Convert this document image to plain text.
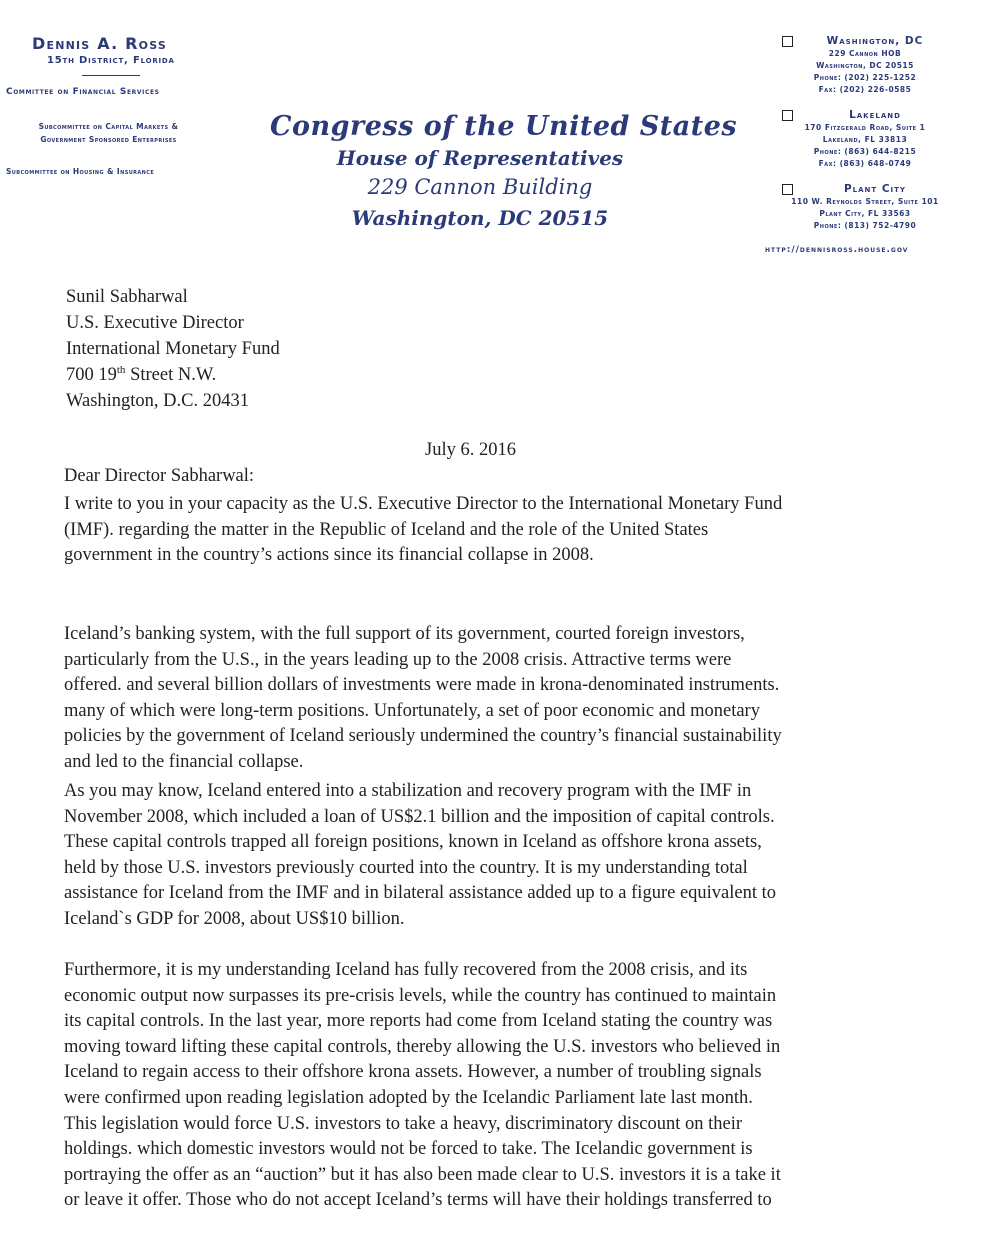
Dennis A. Ross
15th District, Florida
Committee on Financial Services
Subcommittee on Capital Markets &
Government Sponsored Enterprises
Subcommittee on Housing & Insurance
Congress of the United States
House of Representatives
229 Cannon Building
Washington, DC 20515
Washington, DC
229 Cannon HOB
Washington, DC 20515
Phone: (202) 225-1252
Fax: (202) 226-0585
Lakeland
170 Fitzgerald Road, Suite 1
Lakeland, FL 33813
Phone: (863) 644-8215
Fax: (863) 648-0749
Plant City
110 W. Reynolds Street, Suite 101
Plant City, FL 33563
Phone: (813) 752-4790
http://dennisross.house.gov
Sunil Sabharwal
U.S. Executive Director
International Monetary Fund
700 19th Street N.W.
Washington, D.C. 20431
July 6. 2016
Dear Director Sabharwal:
I write to you in your capacity as the U.S. Executive Director to the International Monetary Fund
(IMF). regarding the matter in the Republic of Iceland and the role of the United States
government in the country’s actions since its financial collapse in 2008.
Iceland’s banking system, with the full support of its government, courted foreign investors,
particularly from the U.S., in the years leading up to the 2008 crisis. Attractive terms were
offered. and several billion dollars of investments were made in krona-denominated instruments.
many of which were long-term positions. Unfortunately, a set of poor economic and monetary
policies by the government of Iceland seriously undermined the country’s financial sustainability
and led to the financial collapse.
As you may know, Iceland entered into a stabilization and recovery program with the IMF in
November 2008, which included a loan of US$2.1 billion and the imposition of capital controls.
These capital controls trapped all foreign positions, known in Iceland as offshore krona assets,
held by those U.S. investors previously courted into the country. It is my understanding total
assistance for Iceland from the IMF and in bilateral assistance added up to a figure equivalent to
Iceland`s GDP for 2008, about US$10 billion.
Furthermore, it is my understanding Iceland has fully recovered from the 2008 crisis, and its
economic output now surpasses its pre-crisis levels, while the country has continued to maintain
its capital controls. In the last year, more reports had come from Iceland stating the country was
moving toward lifting these capital controls, thereby allowing the U.S. investors who believed in
Iceland to regain access to their offshore krona assets. However, a number of troubling signals
were confirmed upon reading legislation adopted by the Icelandic Parliament late last month.
This legislation would force U.S. investors to take a heavy, discriminatory discount on their
holdings. which domestic investors would not be forced to take. The Icelandic government is
portraying the offer as an “auction” but it has also been made clear to U.S. investors it is a take it
or leave it offer. Those who do not accept Iceland’s terms will have their holdings transferred to
